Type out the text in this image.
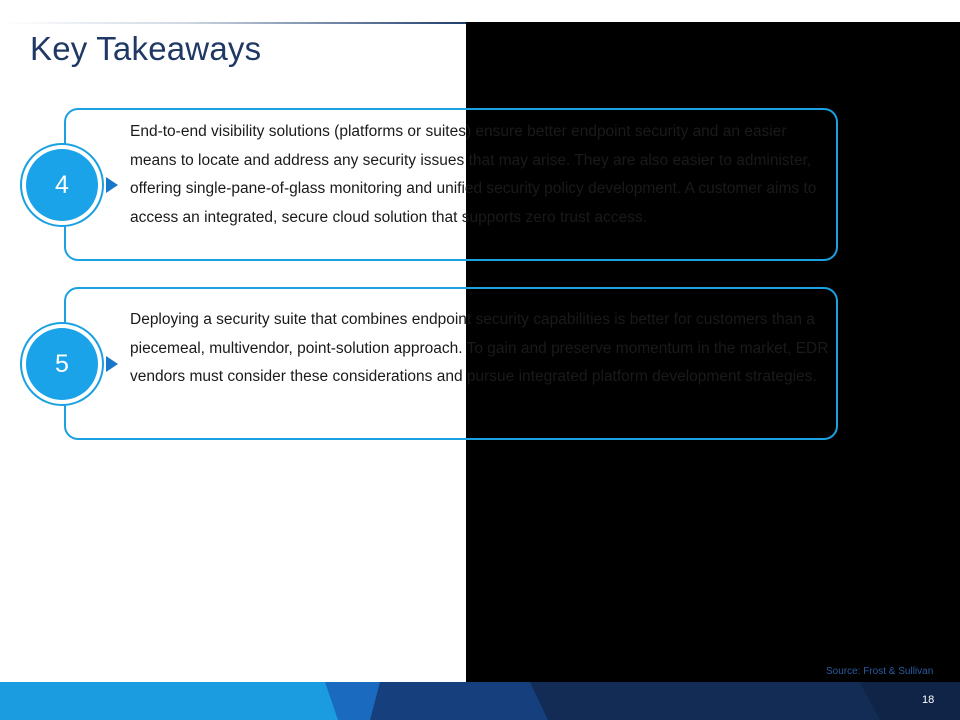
Key Takeaways
End-to-end visibility solutions (platforms or suites) ensure better endpoint security and an easier means to locate and address any security issues that may arise. They are also easier to administer, offering single-pane-of-glass monitoring and unified security policy development. A customer aims to access an integrated, secure cloud solution that supports zero trust access.
4
Deploying a security suite that combines endpoint security capabilities is better for customers than a piecemeal, multivendor, point-solution approach. To gain and preserve momentum in the market, EDR vendors must consider these considerations and pursue integrated platform development strategies.
5
Source: Frost & Sullivan
18
